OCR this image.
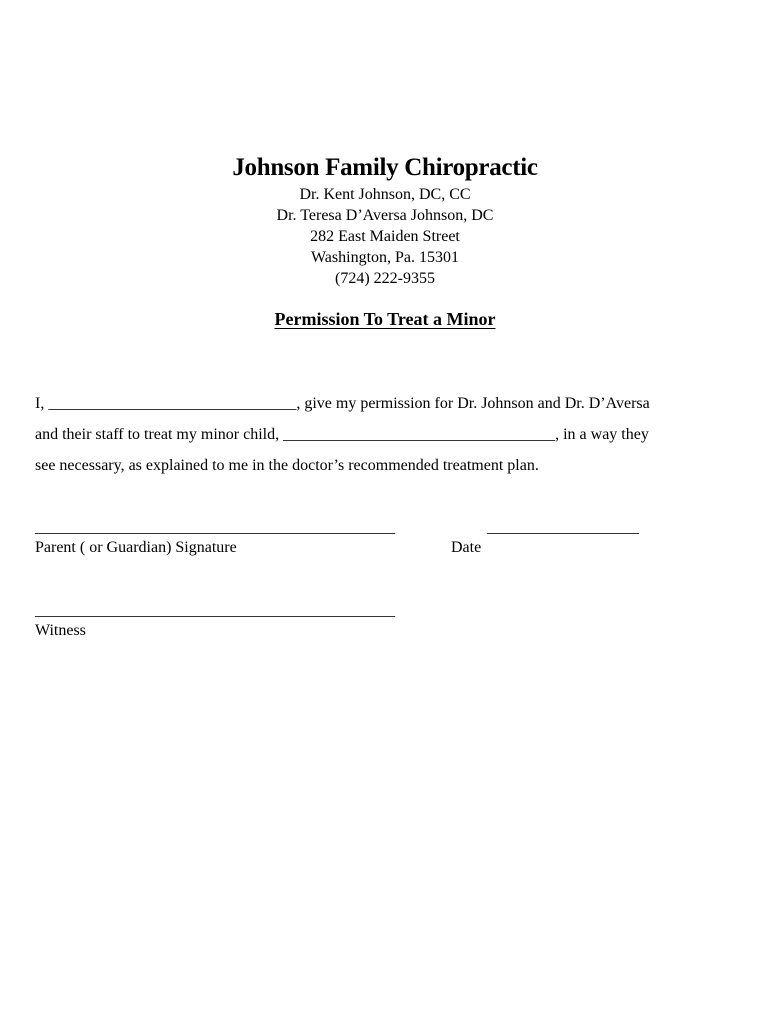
Johnson Family Chiropractic

Dr. Kent Johnson, DC, CC

Dr. Teresa D’Aversa Johnson, DC

282 East Maiden Street

Washington, Pa. 15301

(724) 222-9355

Permission To Treat a Minor
I, _______________________________, give my permission for Dr. Johnson and Dr. D’Aversa
and their staff to treat my minor child, __________________________________, in a way they
see necessary, as explained to me in the doctor’s recommended treatment plan.
_____________________________________________
Parent ( or Guardian) Signature
___________________
Date
_____________________________________________
Witness
